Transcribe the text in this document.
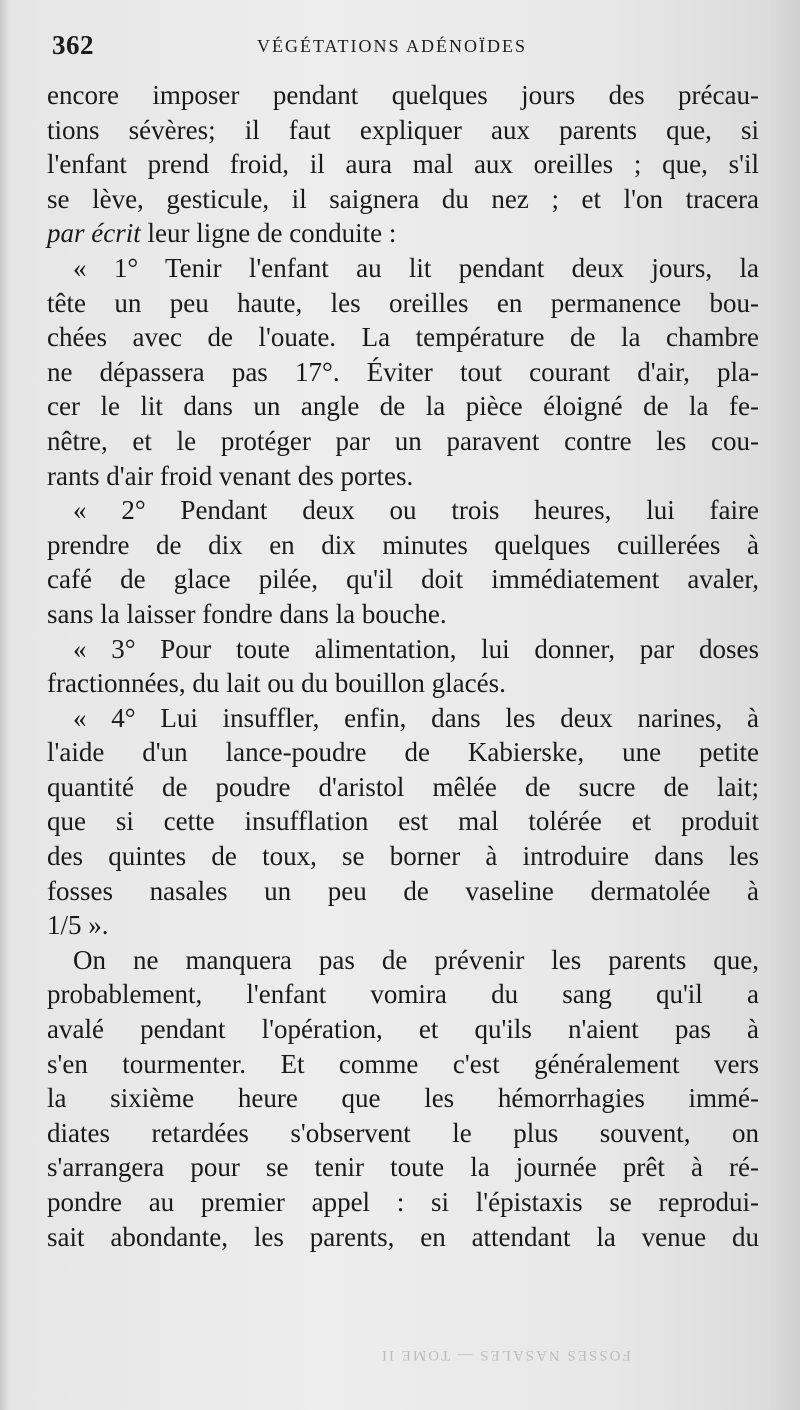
362	VÉGÉTATIONS ADÉNOÏDES
encore imposer pendant quelques jours des précau-
tions sévères; il faut expliquer aux parents que, si
l'enfant prend froid, il aura mal aux oreilles ; que, s'il
se lève, gesticule, il saignera du nez ; et l'on tracera
par écrit leur ligne de conduite :
« 1° Tenir l'enfant au lit pendant deux jours, la
tête un peu haute, les oreilles en permanence bou-
chées avec de l'ouate. La température de la chambre
ne dépassera pas 17°. Éviter tout courant d'air, pla-
cer le lit dans un angle de la pièce éloigné de la fe-
nêtre, et le protéger par un paravent contre les cou-
rants d'air froid venant des portes.
« 2° Pendant deux ou trois heures, lui faire
prendre de dix en dix minutes quelques cuillerées à
café de glace pilée, qu'il doit immédiatement avaler,
sans la laisser fondre dans la bouche.
« 3° Pour toute alimentation, lui donner, par doses
fractionnées, du lait ou du bouillon glacés.
« 4° Lui insuffler, enfin, dans les deux narines, à
l'aide d'un lance-poudre de Kabierske, une petite
quantité de poudre d'aristol mêlée de sucre de lait;
que si cette insufflation est mal tolérée et produit
des quintes de toux, se borner à introduire dans les
fosses nasales un peu de vaseline dermatolée à
1/5 ».
On ne manquera pas de prévenir les parents que,
probablement, l'enfant vomira du sang qu'il a
avalé pendant l'opération, et qu'ils n'aient pas à
s'en tourmenter. Et comme c'est généralement vers
la sixième heure que les hémorrhagies immé-
diates retardées s'observent le plus souvent, on
s'arrangera pour se tenir toute la journée prêt à ré-
pondre au premier appel : si l'épistaxis se reprodui-
sait abondante, les parents, en attendant la venue du
FOSSES NASALES — TOME II
